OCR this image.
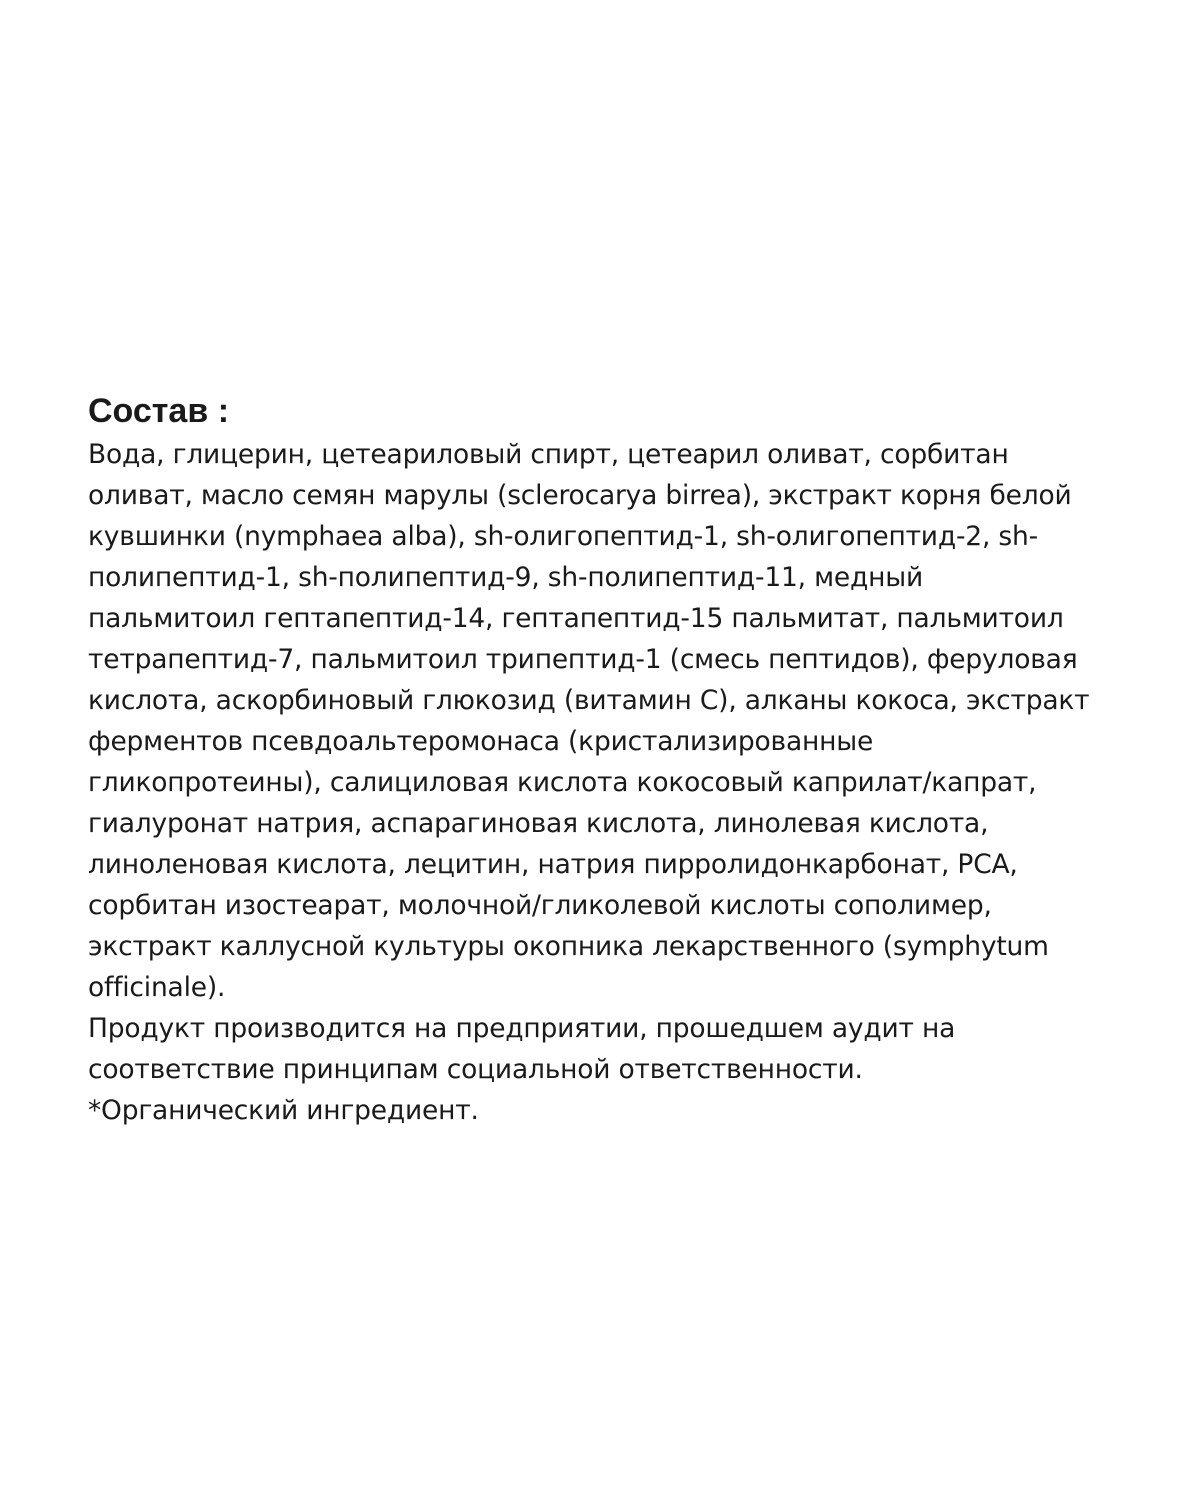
Состав :
Вода, глицерин, цетеариловый спирт, цетеарил оливат, сорбитан
оливат, масло семян марулы (sclerocarya birrea), экстракт корня белой
кувшинки (nymphaea alba), sh-олигопептид-1, sh-олигопептид-2, sh-
полипептид-1, sh-полипептид-9, sh-полипептид-11, медный
пальмитоил гептапептид-14, гептапептид-15 пальмитат, пальмитоил
тетрапептид-7, пальмитоил трипептид-1 (смесь пептидов), феруловая
кислота, аскорбиновый глюкозид (витамин С), алканы кокоса, экстракт
ферментов псевдоальтеромонаса (кристализированные
гликопротеины), салициловая кислота кокосовый каприлат/капрат,
гиалуронат натрия, аспарагиновая кислота, линолевая кислота,
линоленовая кислота, лецитин, натрия пирролидонкарбонат, PCA,
сорбитан изостеарат, молочной/гликолевой кислоты сополимер,
экстракт каллусной культуры окопника лекарственного (symphytum
officinale).
Продукт производится на предприятии, прошедшем аудит на
соответствие принципам социальной ответственности.
*Органический ингредиент.
